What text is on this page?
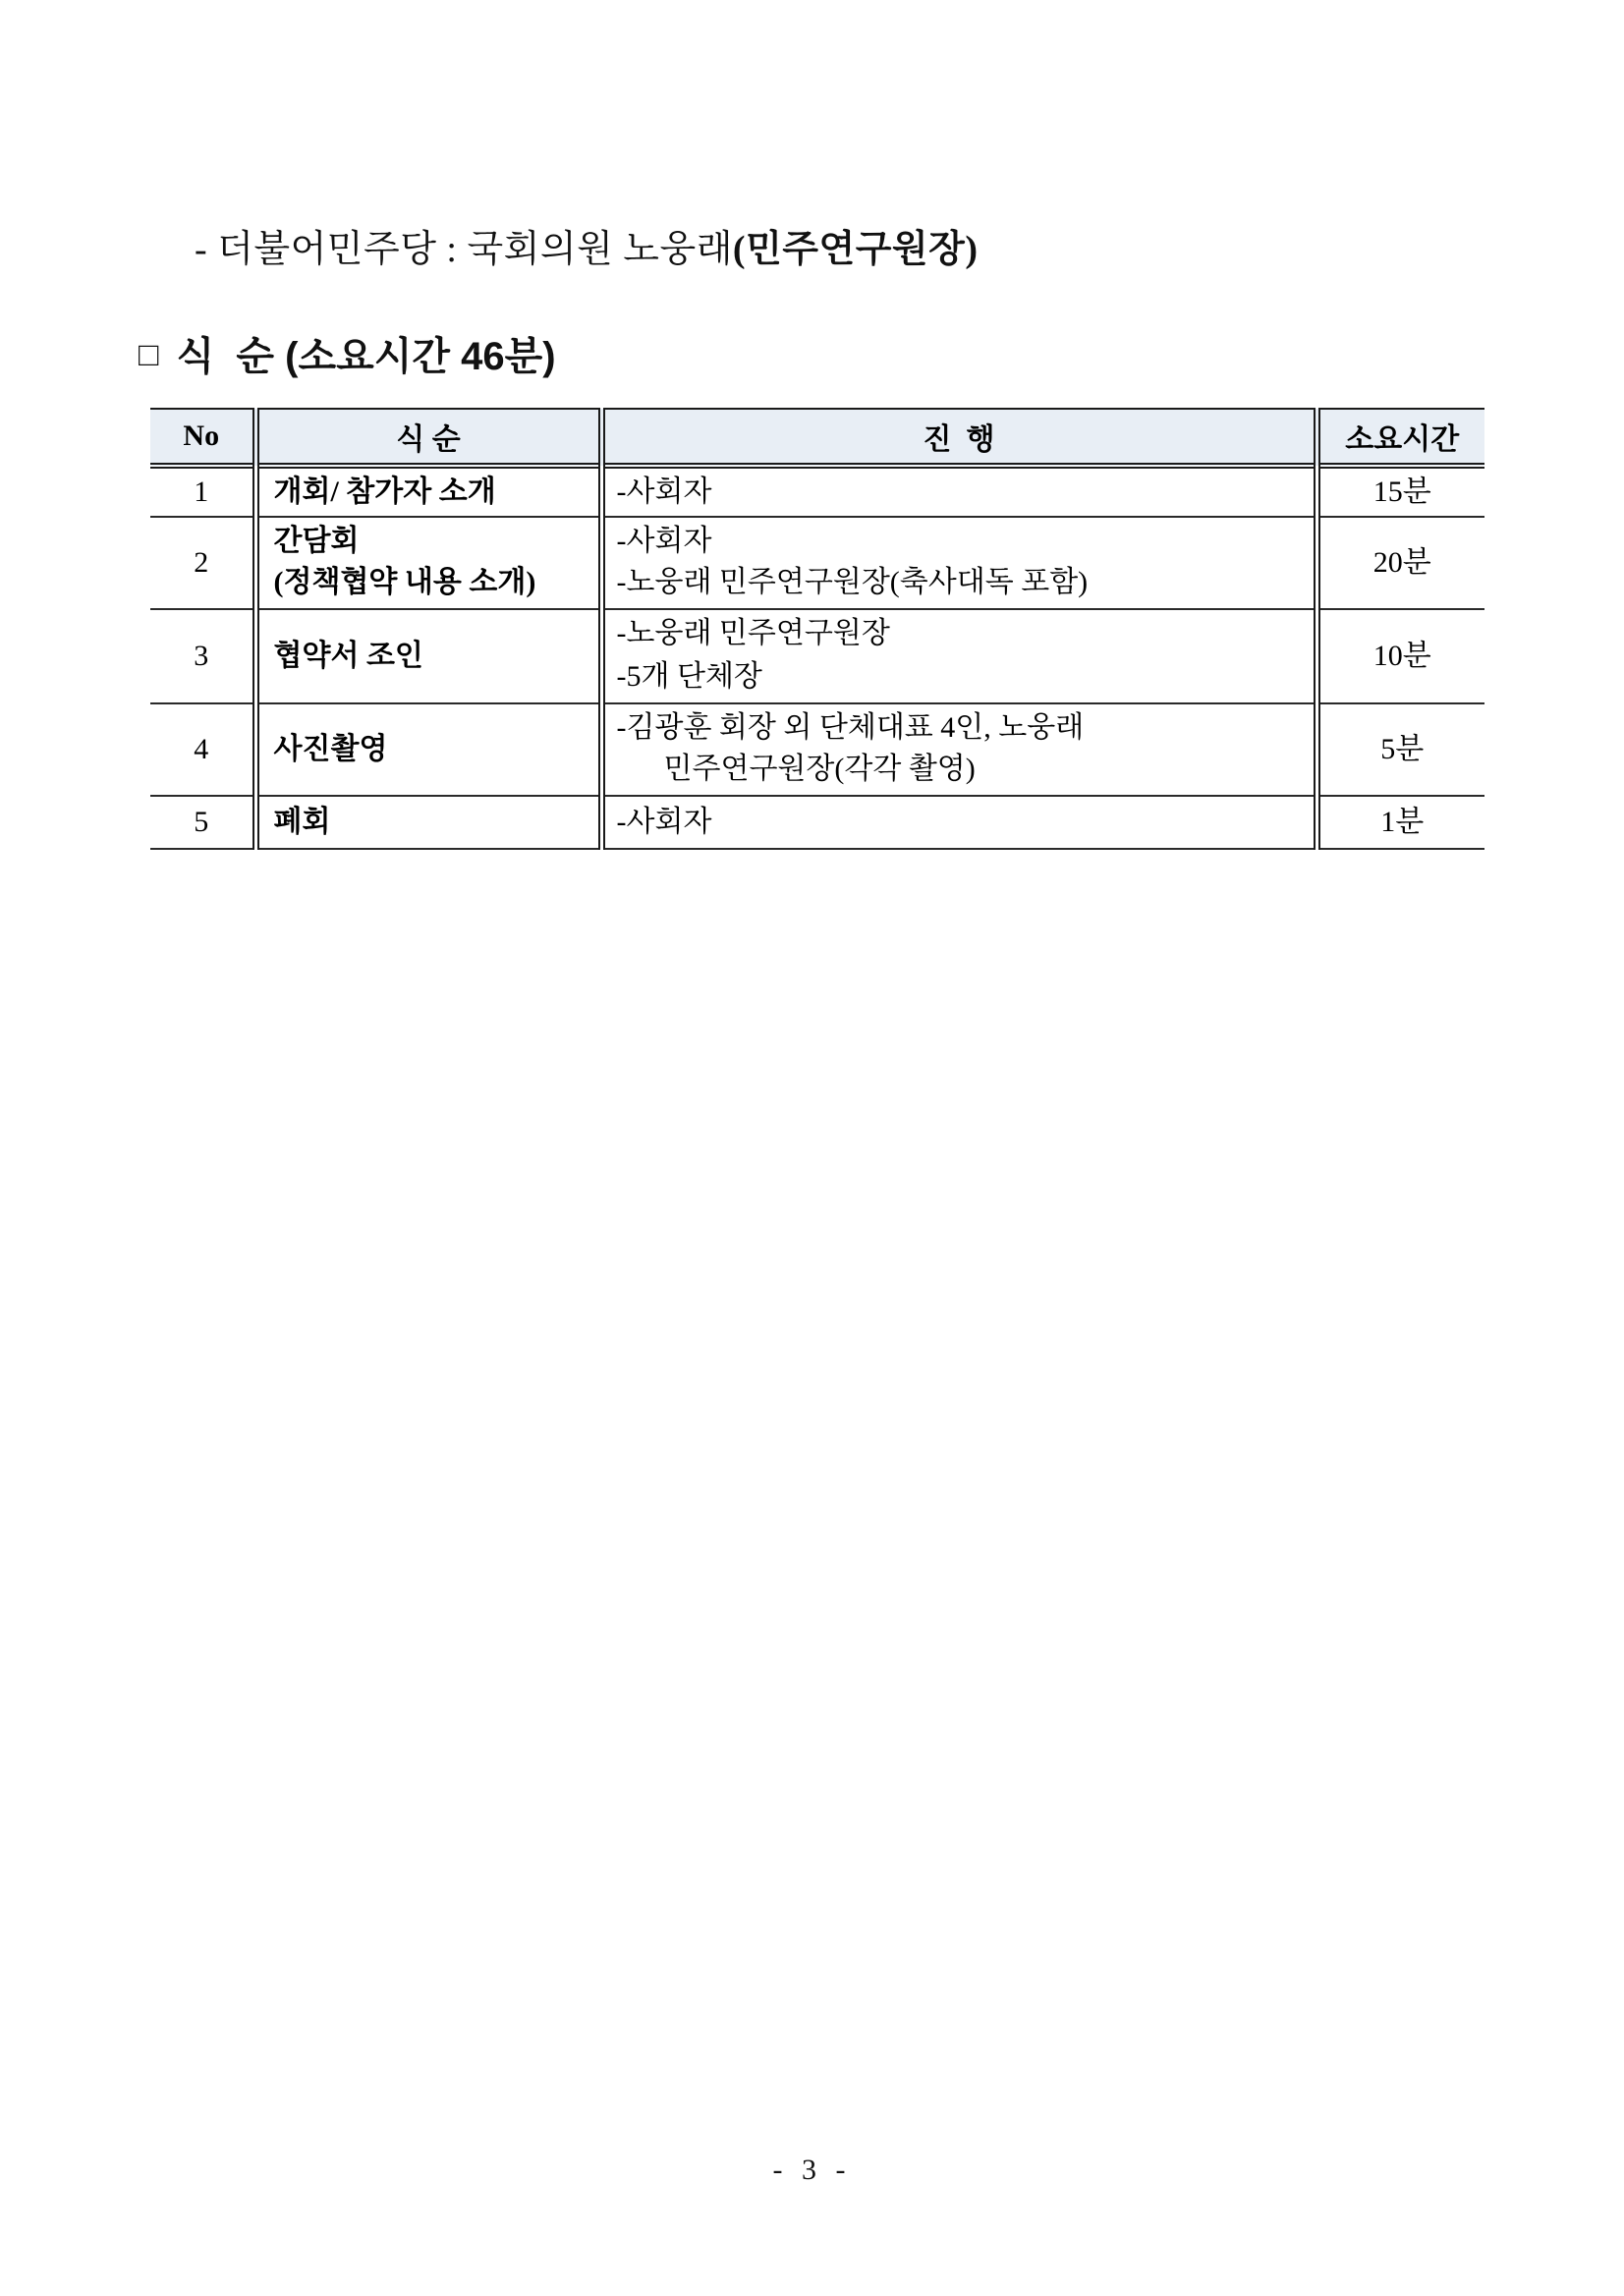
- 더불어민주당 : 국회의원 노웅래(민주연구원장)

□ 식  순 (소요시간 46분)
No	식 순	진  행	소요시간

1	개회/ 참가자 소개	-사회자	15분

2	간담회
(정책협약 내용 소개)	-사회자
-노웅래 민주연구원장(축사대독 포함)	20분

3	협약서 조인	-노웅래 민주연구원장
-5개 단체장	10분

4	사진촬영	-김광훈 회장 외 단체대표 4인, 노웅래
민주연구원장(각각 촬영)	5분

5	폐회	-사회자	1분
- 3 -
